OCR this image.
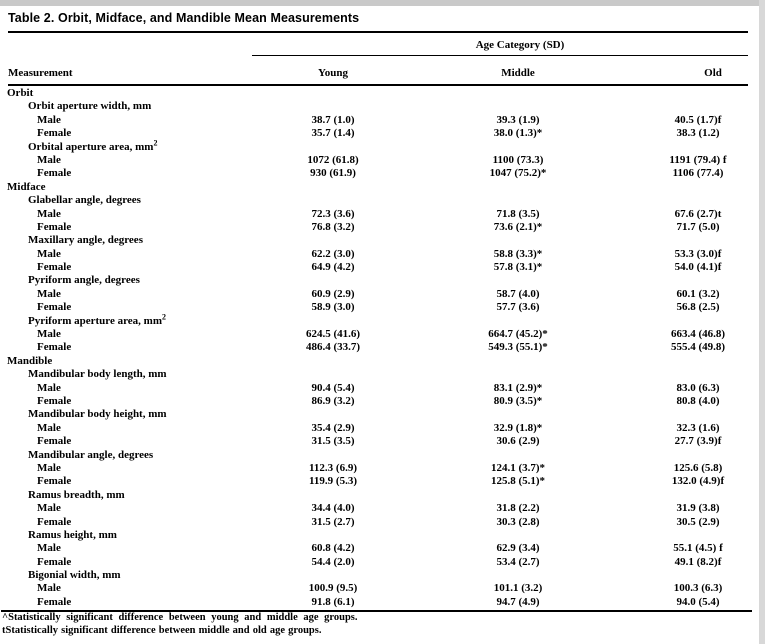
Table 2. Orbit, Midface, and Mandible Mean Measurements
Age Category (SD)
Measurement	Young	Middle	Old
Orbit
Orbit aperture width, mm
Male	38.7 (1.0)	39.3 (1.9)	40.5 (1.7)f
Female	35.7 (1.4)	38.0 (1.3)*	38.3 (1.2)
Orbital aperture area, $mm^2$
Male	1072 (61.8)	1100 (73.3)	1191 (79.4) f
Female	930 (61.9)	1047 (75.2)*	1106 (77.4)
Midface
Glabellar angle, degrees
Male	72.3 (3.6)	71.8 (3.5)	67.6 (2.7)t
Female	76.8 (3.2)	73.6 (2.1)*	71.7 (5.0)
Maxillary angle, degrees
Male	62.2 (3.0)	58.8 (3.3)*	53.3 (3.0)f
Female	64.9 (4.2)	57.8 (3.1)*	54.0 (4.1)f
Pyriform angle, degrees
Male	60.9 (2.9)	58.7 (4.0)	60.1 (3.2)
Female	58.9 (3.0)	57.7 (3.6)	56.8 (2.5)
Pyriform aperture area, $mm^2$
Male	624.5 (41.6)	664.7 (45.2)*	663.4 (46.8)
Female	486.4 (33.7)	549.3 (55.1)*	555.4 (49.8)
Mandible
Mandibular body length, mm
Male	90.4 (5.4)	83.1 (2.9)*	83.0 (6.3)
Female	86.9 (3.2)	80.9 (3.5)*	80.8 (4.0)
Mandibular body height, mm
Male	35.4 (2.9)	32.9 (1.8)*	32.3 (1.6)
Female	31.5 (3.5)	30.6 (2.9)	27.7 (3.9)f
Mandibular angle, degrees
Male	112.3 (6.9)	124.1 (3.7)*	125.6 (5.8)
Female	119.9 (5.3)	125.8 (5.1)*	132.0 (4.9)f
Ramus breadth, mm
Male	34.4 (4.0)	31.8 (2.2)	31.9 (3.8)
Female	31.5 (2.7)	30.3 (2.8)	30.5 (2.9)
Ramus height, mm
Male	60.8 (4.2)	62.9 (3.4)	55.1 (4.5) f
Female	54.4 (2.0)	53.4 (2.7)	49.1 (8.2)f
Bigonial width, mm
Male	100.9 (9.5)	101.1 (3.2)	100.3 (6.3)
Female	91.8 (6.1)	94.7 (4.9)	94.0 (5.4)
^Statistically significant difference between young and middle age groups.
tStatistically significant difference between middle and old age groups.
